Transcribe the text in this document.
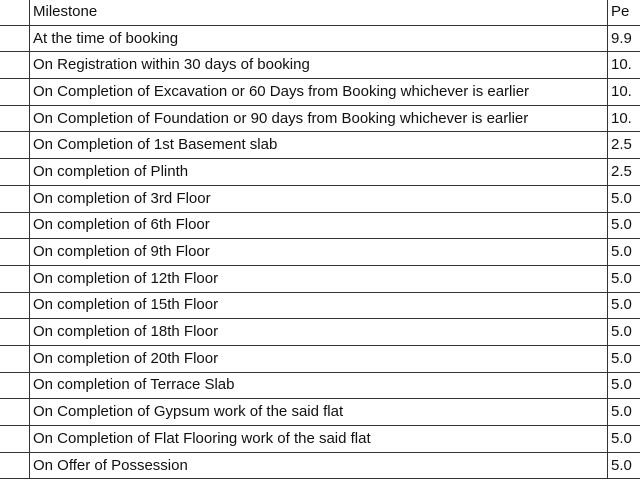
	Milestone	Pe
	At the time of booking	9.9
	On Registration within 30 days of booking	10.
	On Completion of Excavation or 60 Days from Booking whichever is earlier	10.
	On Completion of Foundation or 90 days from Booking whichever is earlier	10.
	On Completion of 1st Basement slab	2.5
	On completion of Plinth	2.5
	On completion of 3rd Floor	5.0
	On completion of 6th Floor	5.0
	On completion of 9th Floor	5.0
	On completion of 12th Floor	5.0
	On completion of 15th Floor	5.0
	On completion of 18th Floor	5.0
	On completion of 20th Floor	5.0
	On completion of Terrace Slab	5.0
	On Completion of Gypsum work of the said flat	5.0
	On Completion of Flat Flooring work of the said flat	5.0
	On Offer of Possession	5.0
